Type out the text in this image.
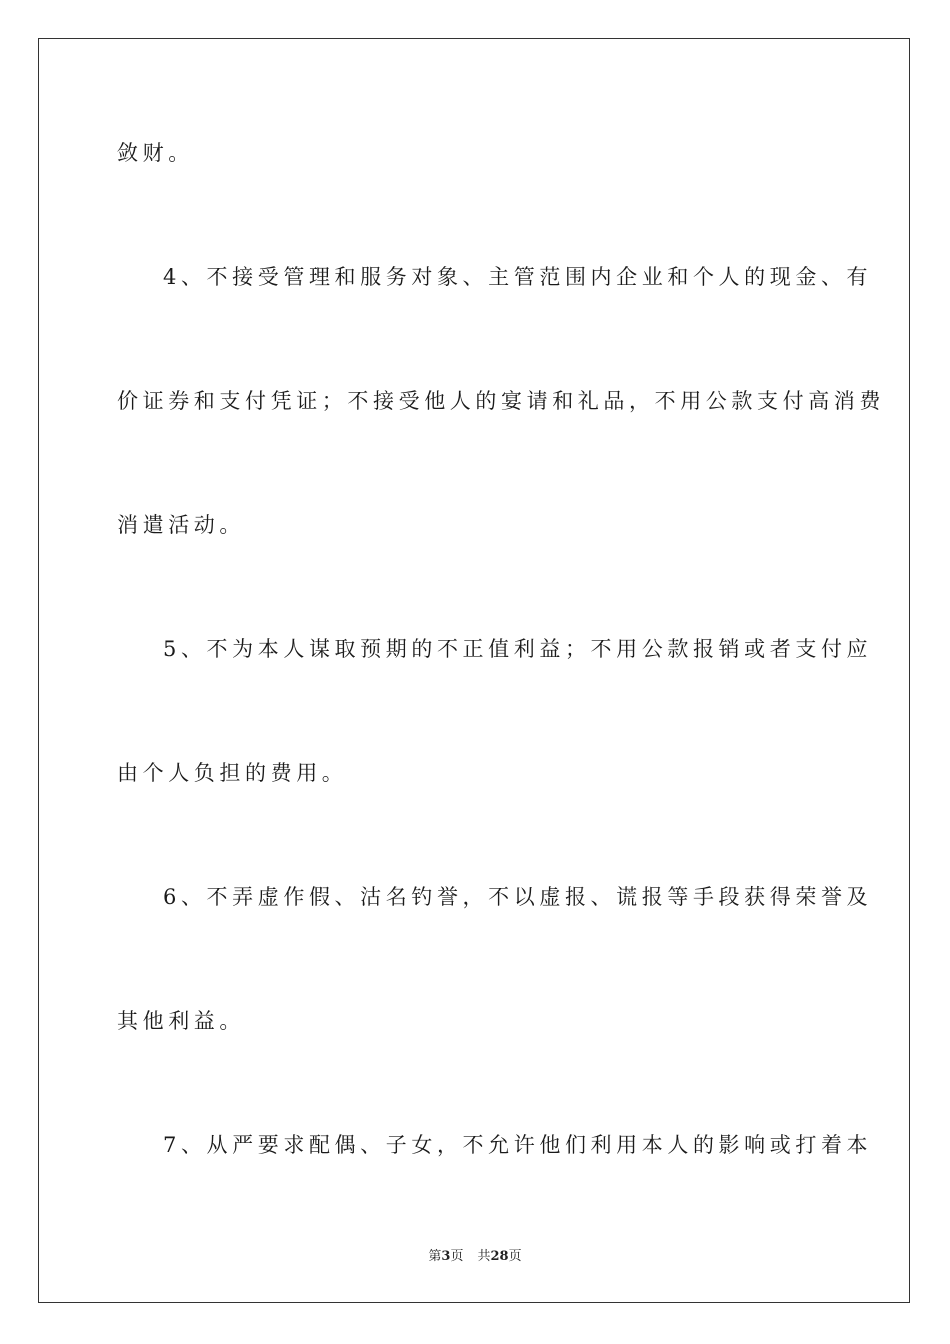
敛财。
4、不接受管理和服务对象、主管范围内企业和个人的现金、有
价证券和支付凭证；不接受他人的宴请和礼品，不用公款支付高消费
消遣活动。
5、不为本人谋取预期的不正值利益；不用公款报销或者支付应
由个人负担的费用。
6、不弄虚作假、沽名钓誉，不以虚报、谎报等手段获得荣誉及
其他利益。
7、从严要求配偶、子女，不允许他们利用本人的影响或打着本
第3页 共28页
